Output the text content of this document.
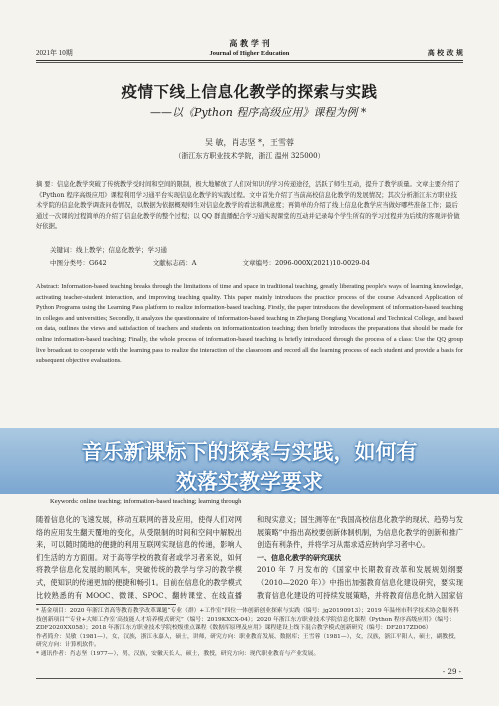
高 教 学 刊
2021年 10期	Journal of Higher Education	高 校 改 规
疫情下线上信息化教学的探索与实践
——以《Python 程序高级应用》课程为例 *
吴 敏，肖志坚 *，王雪蓉
（浙江东方职业技术学院，浙江 温州 325000）
摘 要：信息化教学突破了传统教学受时间和空间的限制，极大地解放了人们对知识的学习传递途径，活跃了师生互动，提升了教学质量。文章主要介绍了《Python 程序高级应用》课程利用学习通平台实现信息化教学的实践过程。文中首先介绍了当前高校信息化教学的发展情况；其次分析浙江东方职业技术学院的信息化教学调查问卷情况，以数据为依据概观师生对信息化教学的看法和满意度；再简单的介绍了线上信息化教学应当做好哪些准备工作；最后通过一次课的过程简单的介绍了信息化教学的整个过程；以 QQ 群直播配合学习通实现课堂的互动并记录每个学生所有的学习过程并为后续的客观评价做好依据。
关键词：线上教学；信息化教学；学习通
中图分类号：G642	文献标志码：A	文章编号：2096-000X(2021)10-0029-04
Abstract: Information-based teaching breaks through the limitations of time and space in traditional teaching, greatly liberating people's ways of learning knowledge, activating teacher-student interaction, and improving teaching quality. This paper mainly introduces the practice process of the course Advanced Application of Python Programs using the Learning Pass platform to realize information-based teaching. Firstly, the paper introduces the development of information-based teaching in colleges and universities; Secondly, it analyzes the questionnaire of information-based teaching in Zhejiang Dongfang Vocational and Technical College, and based on data, outlines the views and satisfaction of teachers and students on informationization teaching; then briefly introduces the preparations that should be made for online information-based teaching; Finally, the whole process of information-based teaching is briefly introduced through the process of a class: Use the QQ group live broadcast to cooperate with the learning pass to realize the interaction of the classroom and record all the learning process of each student and provide a basis for subsequent objective evaluations.
音乐新课标下的探索与实践，如何有
效落实教学要求
Keywords: online teaching; information-based teaching; learning through

随着信息化的飞速发展，移动互联网的普及应用，使得人们对网络的应用发生翻天覆地的变化，从受限制的时间和空间中解脱出来，可以随时随地的便捷的利用互联网实现信息的传递，影响人们生活的方方面面。对于高等学校的教育者或学习者来说，如何将教学信息化发展的顺风车，突破传统的教学与学习的教学模式，使知识的传递更加的便捷和畅引1。目前在信息化的教学模式比较熟悉的有 MOOC、微课、SPOC、翻转课堂、在线直播

和现实意义；国生测等在“我国高校信息化教学的现状、趋势与发展策略”中指出高校要创新体制机制，为信息化教学的创新和推广创造有利条件，并将学习从需求适应转向学习者中心。

一、信息化教学的研究现状

2010 年 7 月发布的《国家中长期教育改革和发展规划纲要（2010—2020 年）》中指出加强教育信息化建设研究，要实现教育信息化建设的可持续发展策略，并将教育信息化纳入国家信

* 基金项目：2020 年浙江省高等教育教学改革课题“专业（群）+工作室”四位一体创新创业探索与实践（编号：jg20190913）；2019 年温州市科学技术协会服务科技创新项目“‘专业+大师工作室’高技能人才培养模式研究”（编号：2019KXCX-04）；2020 年浙江东方职业技术学院信息化课程《Python 程序高级应用》（编号：ZDF2020XX058）；2018 年浙江东方职业技术学院校级重点课程《数据库原理及应用》课程建设上线下混合教学模式创新研究（编号：DF2017ZD06）
作者简介：吴敏（1981—），女，汉族，浙江永嘉人，硕士，讲师，研究方向：职业教育发展、数据库；王雪蓉（1981—），女，汉族，浙江平阳人，硕士，副教授，研究方向：计算机软件。
* 通讯作者：肖志坚（1977—），男，汉族，安徽天长人，硕士，教授，研究方向：现代职业教育与产业发展。
- 29 -
